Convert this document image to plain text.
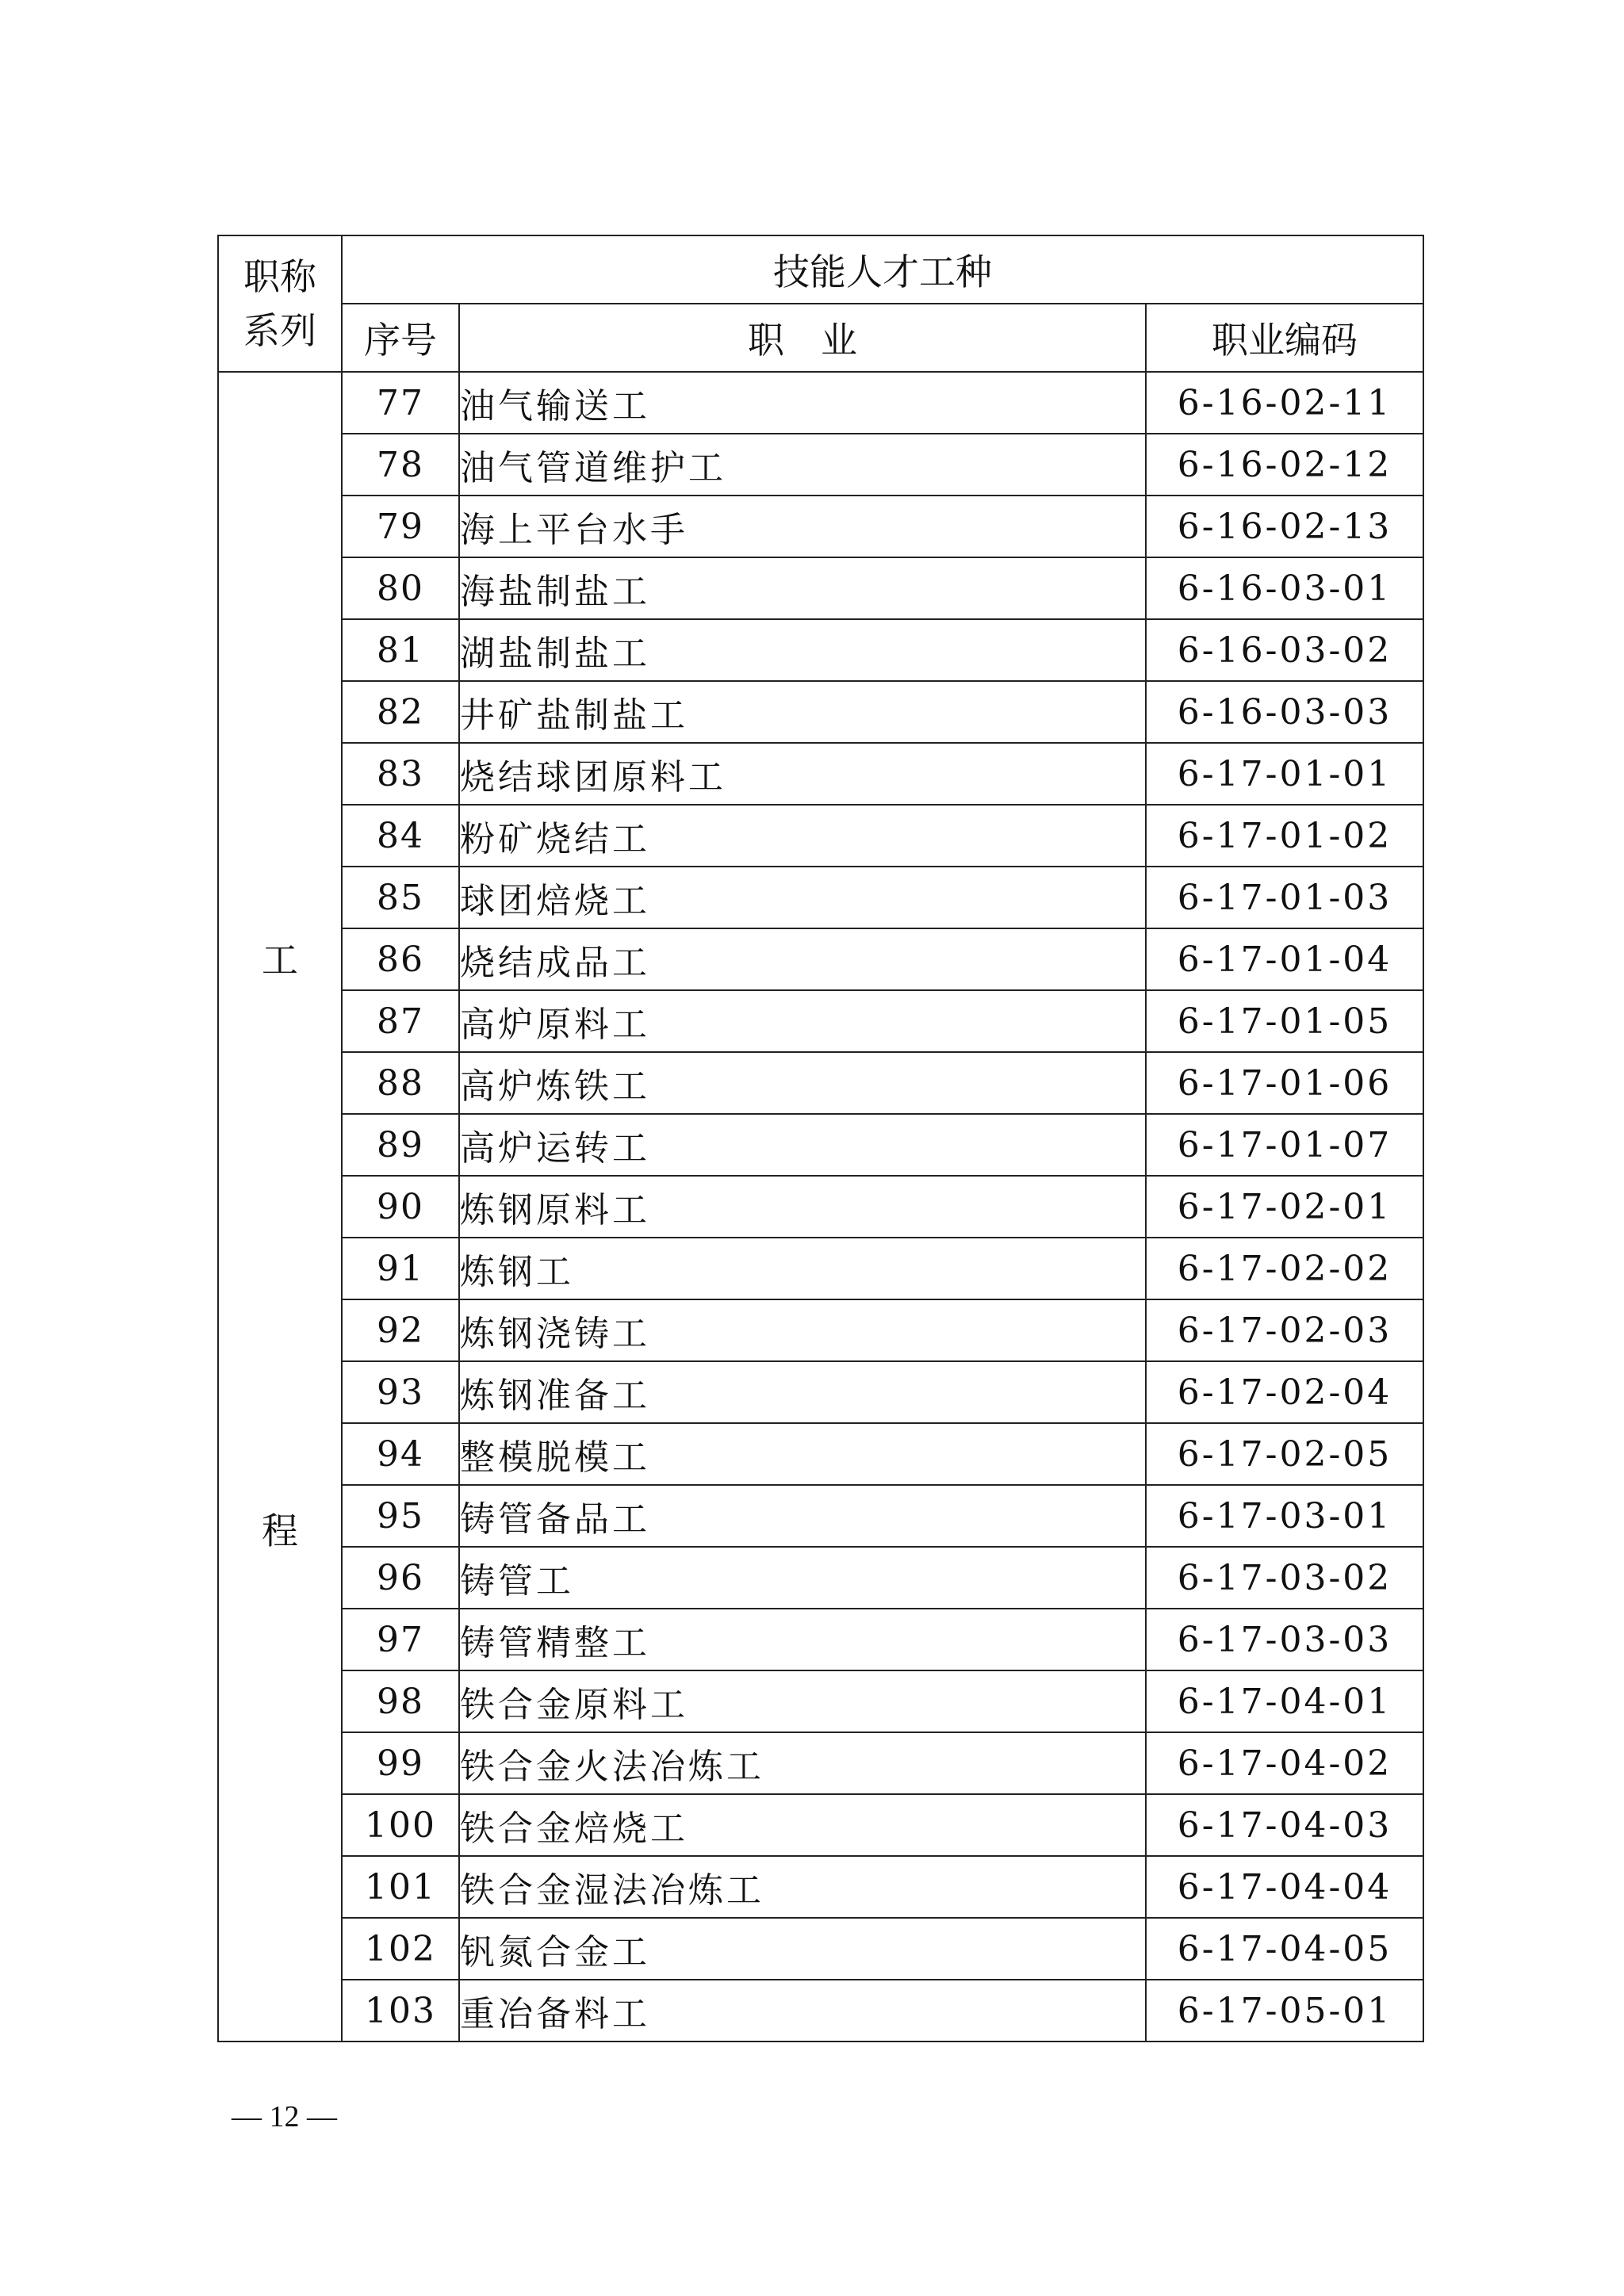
职称
系列	技能人才工种		
	序号	职　业	职业编码

工
程	77	油气输送工	6-16-02-11
	78	油气管道维护工	6-16-02-12
	79	海上平台水手	6-16-02-13
	80	海盐制盐工	6-16-03-01
	81	湖盐制盐工	6-16-03-02
	82	井矿盐制盐工	6-16-03-03
	83	烧结球团原料工	6-17-01-01
	84	粉矿烧结工	6-17-01-02
	85	球团焙烧工	6-17-01-03
	86	烧结成品工	6-17-01-04
	87	高炉原料工	6-17-01-05
	88	高炉炼铁工	6-17-01-06
	89	高炉运转工	6-17-01-07
	90	炼钢原料工	6-17-02-01
	91	炼钢工	6-17-02-02
	92	炼钢浇铸工	6-17-02-03
	93	炼钢准备工	6-17-02-04
	94	整模脱模工	6-17-02-05
	95	铸管备品工	6-17-03-01
	96	铸管工	6-17-03-02
	97	铸管精整工	6-17-03-03
	98	铁合金原料工	6-17-04-01
	99	铁合金火法冶炼工	6-17-04-02
	100	铁合金焙烧工	6-17-04-03
	101	铁合金湿法冶炼工	6-17-04-04
	102	钒氮合金工	6-17-04-05
	103	重冶备料工	6-17-05-01
— 12 —
